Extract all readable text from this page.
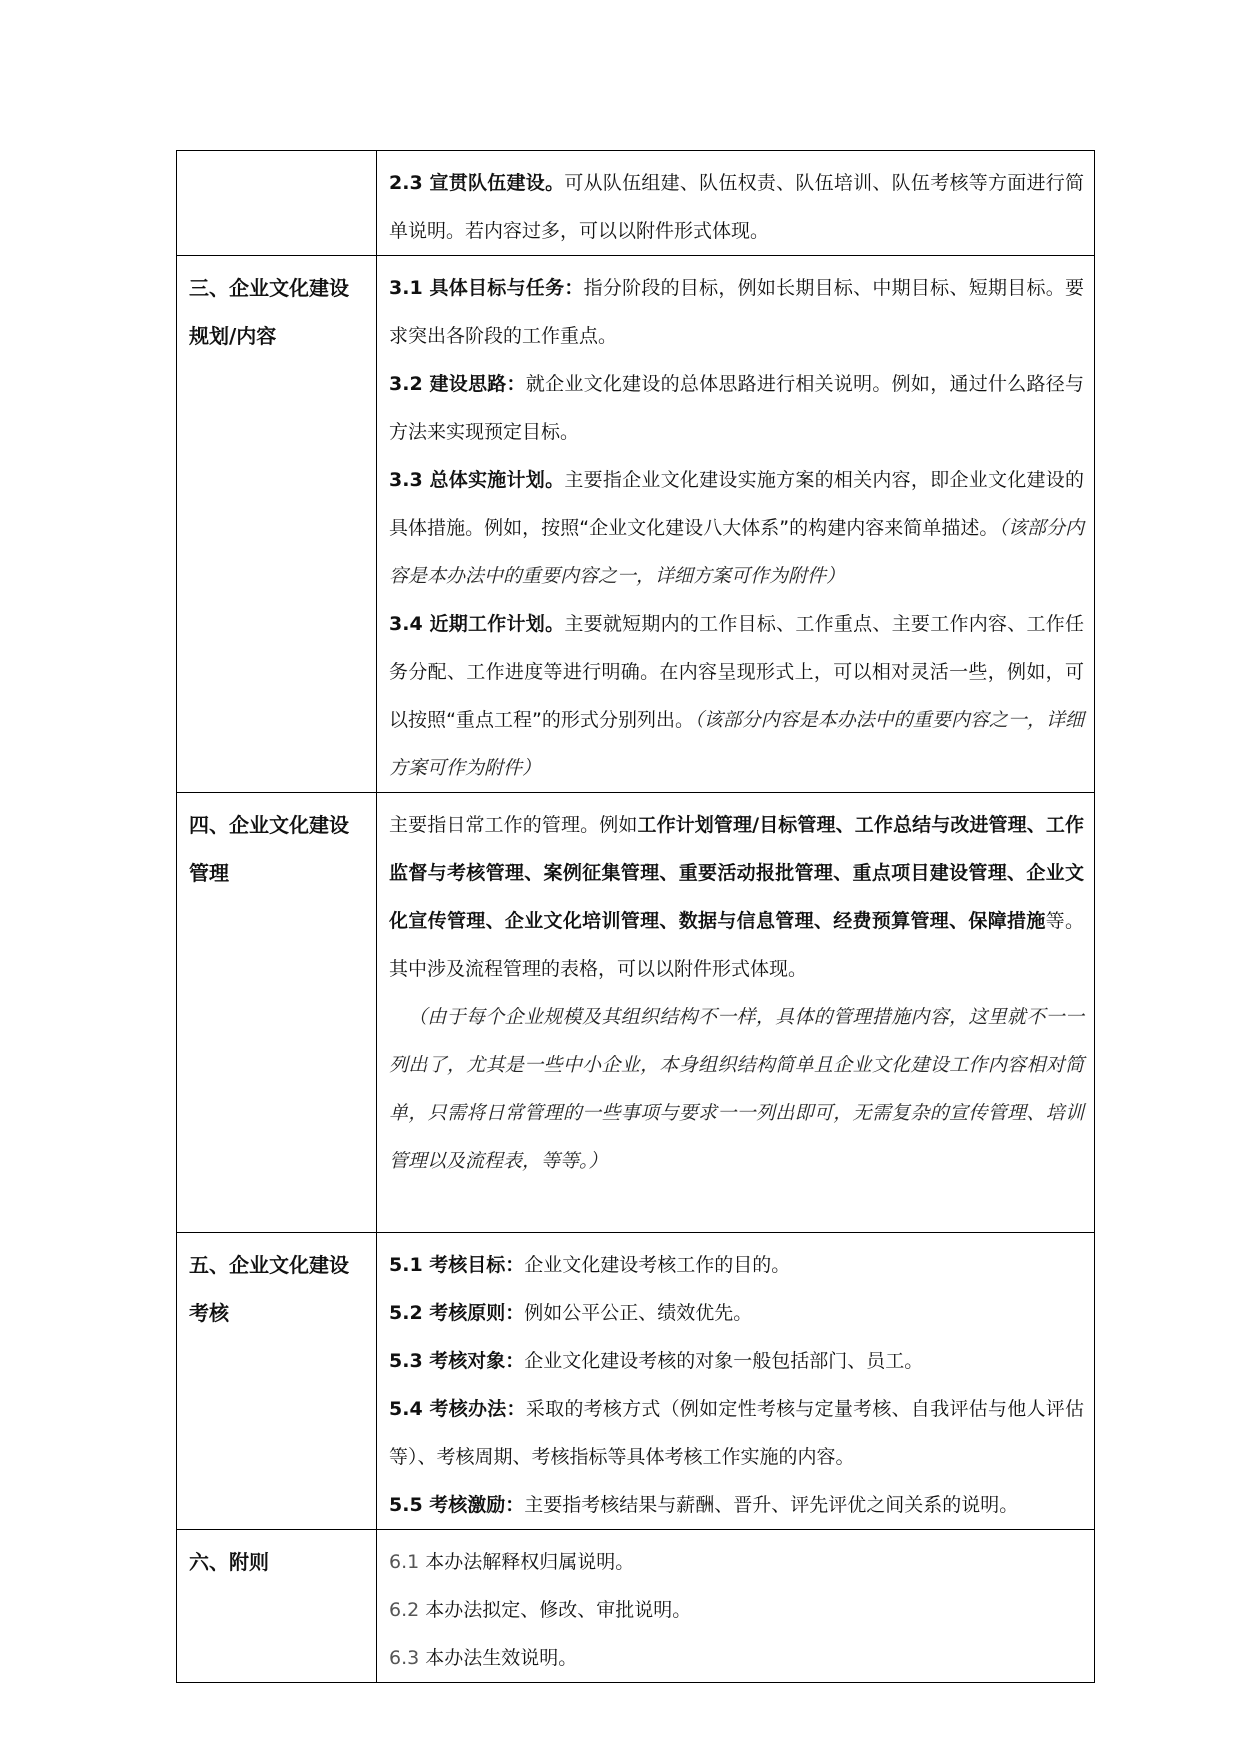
	2.3 宣贯队伍建设。可从队伍组建、队伍权责、队伍培训、队伍考核等方面进行简单说明。若内容过多，可以以附件形式体现。

三、企业文化建设规划/内容	3.1 具体目标与任务：指分阶段的目标，例如长期目标、中期目标、短期目标。要求突出各阶段的工作重点。

3.2 建设思路：就企业文化建设的总体思路进行相关说明。例如，通过什么路径与方法来实现预定目标。

3.3 总体实施计划。主要指企业文化建设实施方案的相关内容，即企业文化建设的具体措施。例如，按照“企业文化建设八大体系”的构建内容来简单描述。（该部分内容是本办法中的重要内容之一，详细方案可作为附件）

3.4 近期工作计划。主要就短期内的工作目标、工作重点、主要工作内容、工作任务分配、工作进度等进行明确。在内容呈现形式上，可以相对灵活一些，例如，可以按照“重点工程”的形式分别列出。（该部分内容是本办法中的重要内容之一，详细方案可作为附件）

四、企业文化建设管理	主要指日常工作的管理。例如工作计划管理/目标管理、工作总结与改进管理、工作监督与考核管理、案例征集管理、重要活动报批管理、重点项目建设管理、企业文化宣传管理、企业文化培训管理、数据与信息管理、经费预算管理、保障措施等。其中涉及流程管理的表格，可以以附件形式体现。

（由于每个企业规模及其组织结构不一样，具体的管理措施内容，这里就不一一列出了，尤其是一些中小企业，本身组织结构简单且企业文化建设工作内容相对简单，只需将日常管理的一些事项与要求一一列出即可，无需复杂的宣传管理、培训管理以及流程表，等等。）

五、企业文化建设考核	5.1 考核目标：企业文化建设考核工作的目的。

5.2 考核原则：例如公平公正、绩效优先。

5.3 考核对象：企业文化建设考核的对象一般包括部门、员工。

5.4 考核办法：采取的考核方式（例如定性考核与定量考核、自我评估与他人评估等）、考核周期、考核指标等具体考核工作实施的内容。

5.5 考核激励：主要指考核结果与薪酬、晋升、评先评优之间关系的说明。

六、附则	6.1 本办法解释权归属说明。

6.2 本办法拟定、修改、审批说明。

6.3 本办法生效说明。
